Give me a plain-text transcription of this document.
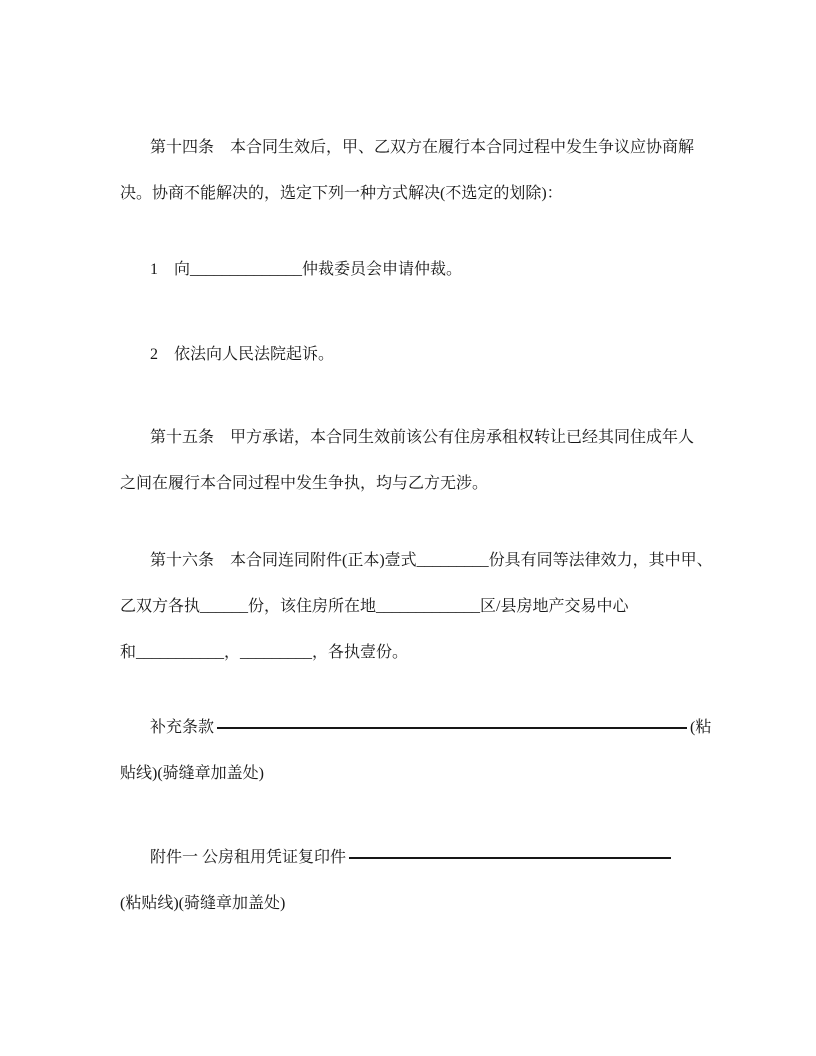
第十四条　本合同生效后，甲、乙双方在履行本合同过程中发生争议应协商解
决。协商不能解决的，选定下列一种方式解决(不选定的划除)：
1　向______________仲裁委员会申请仲裁。
2　依法向人民法院起诉。
第十五条　甲方承诺，本合同生效前该公有住房承租权转让已经其同住成年人
之间在履行本合同过程中发生争执，均与乙方无涉。
第十六条　本合同连同附件(正本)壹式_________份具有同等法律效力，其中甲、
乙双方各执______份，该住房所在地_____________区/县房地产交易中心
和___________，_________，各执壹份。
补充条款	(粘
贴线)(骑缝章加盖处)
附件一 公房租用凭证复印件
(粘贴线)(骑缝章加盖处)
